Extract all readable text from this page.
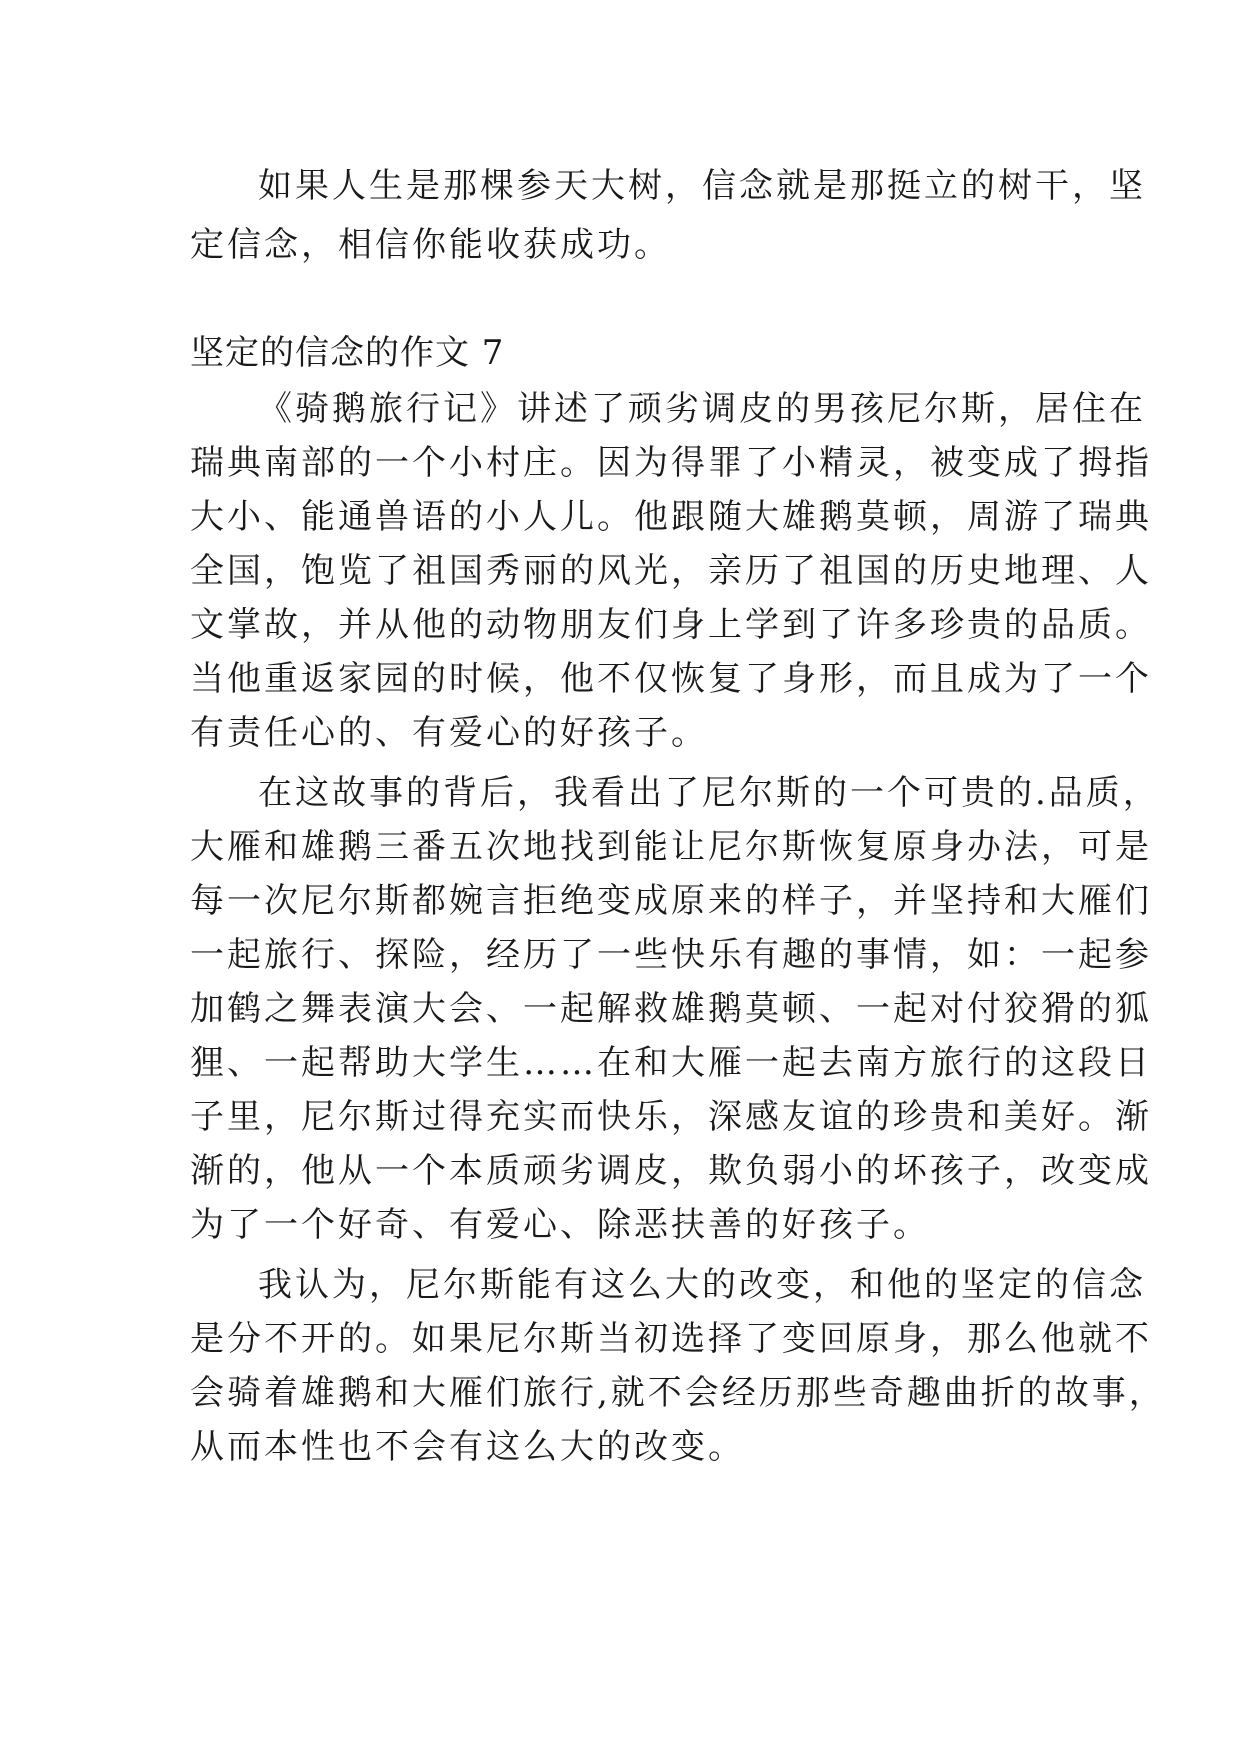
如果人生是那棵参天大树，信念就是那挺立的树干，坚
定信念，相信你能收获成功。
坚定的信念的作文 7
《骑鹅旅行记》讲述了顽劣调皮的男孩尼尔斯，居住在
瑞典南部的一个小村庄。因为得罪了小精灵，被变成了拇指
大小、能通兽语的小人儿。他跟随大雄鹅莫顿，周游了瑞典
全国，饱览了祖国秀丽的风光，亲历了祖国的历史地理、人
文掌故，并从他的动物朋友们身上学到了许多珍贵的品质。
当他重返家园的时候，他不仅恢复了身形，而且成为了一个
有责任心的、有爱心的好孩子。
在这故事的背后，我看出了尼尔斯的一个可贵的.品质，
大雁和雄鹅三番五次地找到能让尼尔斯恢复原身办法，可是
每一次尼尔斯都婉言拒绝变成原来的样子，并坚持和大雁们
一起旅行、探险，经历了一些快乐有趣的事情，如：一起参
加鹤之舞表演大会、一起解救雄鹅莫顿、一起对付狡猾的狐
狸、一起帮助大学生……在和大雁一起去南方旅行的这段日
子里，尼尔斯过得充实而快乐，深感友谊的珍贵和美好。渐
渐的，他从一个本质顽劣调皮，欺负弱小的坏孩子，改变成
为了一个好奇、有爱心、除恶扶善的好孩子。
我认为，尼尔斯能有这么大的改变，和他的坚定的信念
是分不开的。如果尼尔斯当初选择了变回原身，那么他就不
会骑着雄鹅和大雁们旅行,就不会经历那些奇趣曲折的故事，
从而本性也不会有这么大的改变。
